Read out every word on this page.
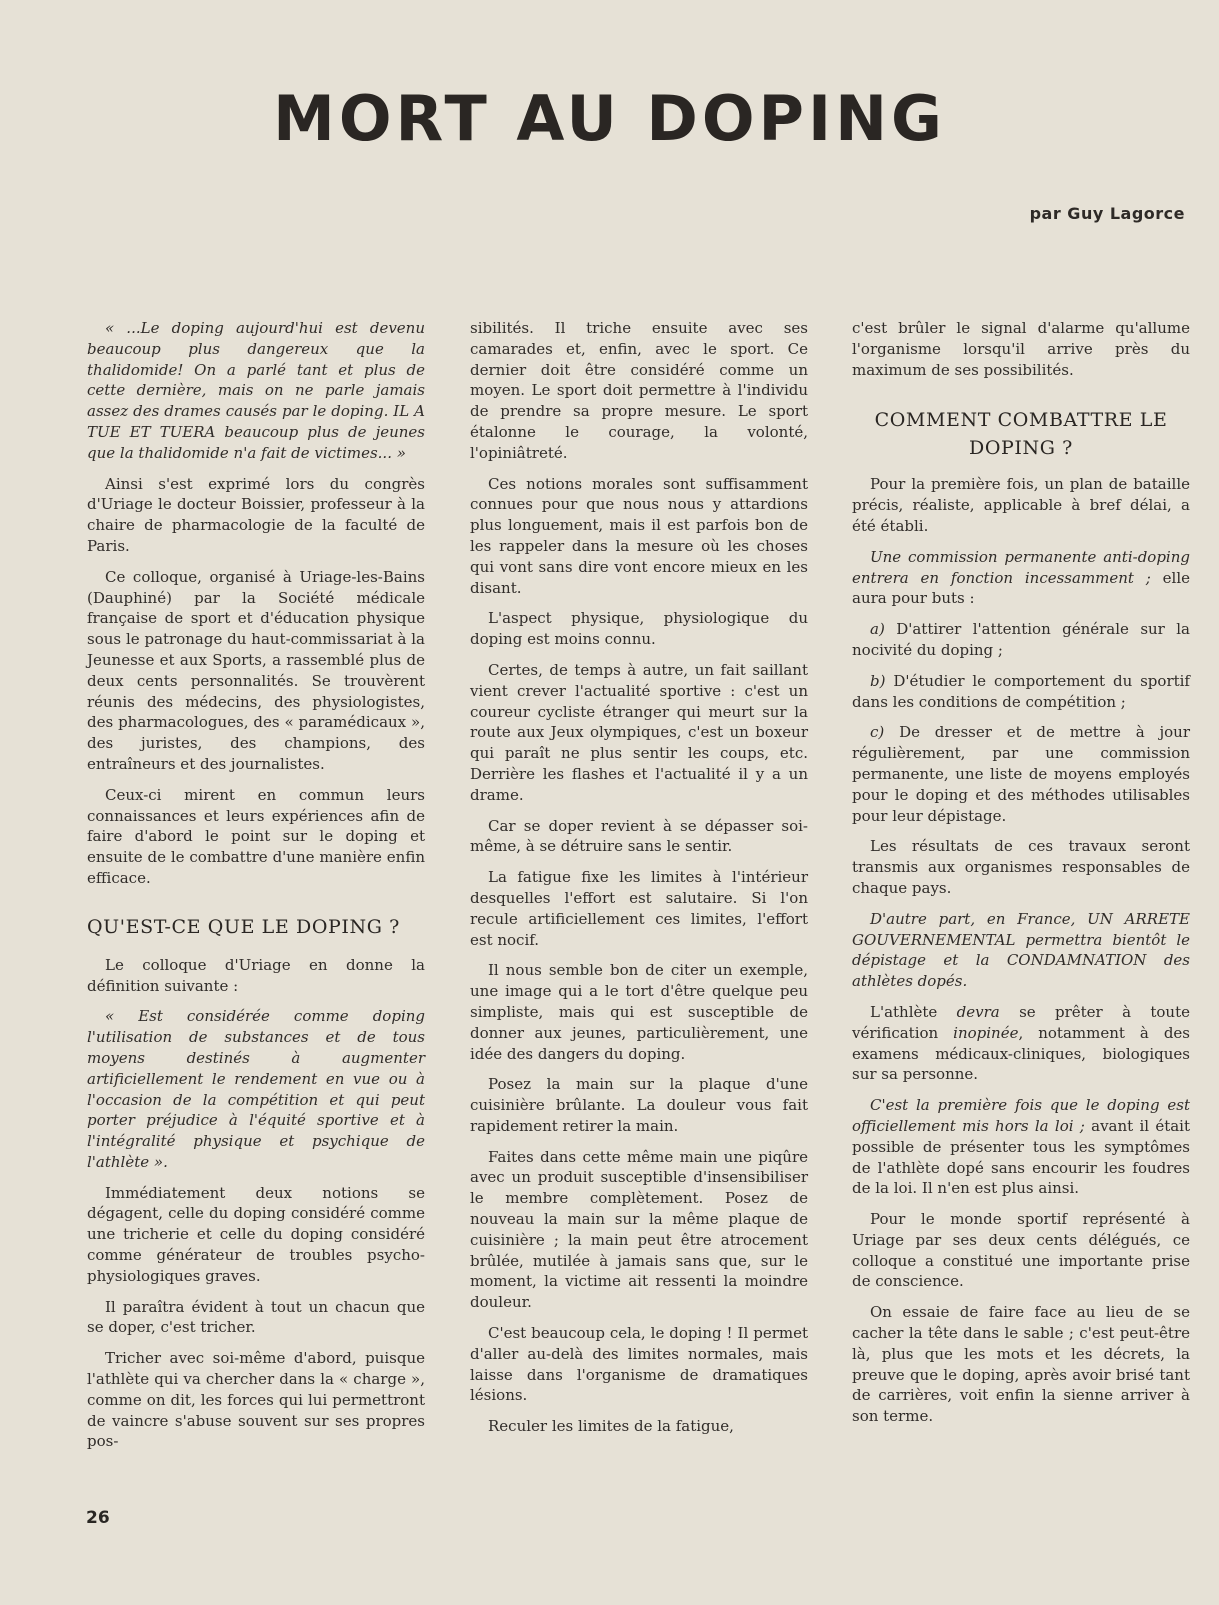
MORT AU DOPING
par Guy Lagorce

« ...Le doping aujourd'hui est devenu beaucoup plus dangereux que la thalidomide! On a parlé tant et plus de cette dernière, mais on ne parle jamais assez des drames causés par le doping. IL A TUE ET TUERA beaucoup plus de jeunes que la thalidomide n'a fait de victimes... »

Ainsi s'est exprimé lors du congrès d'Uriage le docteur Boissier, professeur à la chaire de pharmacologie de la faculté de Paris.

Ce colloque, organisé à Uriage-les-Bains (Dauphiné) par la Société médicale française de sport et d'éducation physique sous le patronage du haut-commissariat à la Jeunesse et aux Sports, a rassemblé plus de deux cents personnalités. Se trouvèrent réunis des médecins, des physiologistes, des pharmacologues, des « paramédicaux », des juristes, des champions, des entraîneurs et des journalistes.

Ceux-ci mirent en commun leurs connaissances et leurs expériences afin de faire d'abord le point sur le doping et ensuite de le combattre d'une manière enfin efficace.

QU'EST-CE QUE LE DOPING ?

Le colloque d'Uriage en donne la définition suivante :

« Est considérée comme doping l'utilisation de substances et de tous moyens destinés à augmenter artificiellement le rendement en vue ou à l'occasion de la compétition et qui peut porter préjudice à l'équité sportive et à l'intégralité physique et psychique de l'athlète ».

Immédiatement deux notions se dégagent, celle du doping considéré comme une tricherie et celle du doping considéré comme générateur de troubles psycho-physiologiques graves.

Il paraîtra évident à tout un chacun que se doper, c'est tricher.

Tricher avec soi-même d'abord, puisque l'athlète qui va chercher dans la « charge », comme on dit, les forces qui lui permettront de vaincre s'abuse souvent sur ses propres pos-

sibilités. Il triche ensuite avec ses camarades et, enfin, avec le sport. Ce dernier doit être considéré comme un moyen. Le sport doit permettre à l'individu de prendre sa propre mesure. Le sport étalonne le courage, la volonté, l'opiniâtreté.

Ces notions morales sont suffisamment connues pour que nous nous y attardions plus longuement, mais il est parfois bon de les rappeler dans la mesure où les choses qui vont sans dire vont encore mieux en les disant.

L'aspect physique, physiologique du doping est moins connu.

Certes, de temps à autre, un fait saillant vient crever l'actualité sportive : c'est un coureur cycliste étranger qui meurt sur la route aux Jeux olympiques, c'est un boxeur qui paraît ne plus sentir les coups, etc. Derrière les flashes et l'actualité il y a un drame.

Car se doper revient à se dépasser soi-même, à se détruire sans le sentir.

La fatigue fixe les limites à l'intérieur desquelles l'effort est salutaire. Si l'on recule artificiellement ces limites, l'effort est nocif.

Il nous semble bon de citer un exemple, une image qui a le tort d'être quelque peu simpliste, mais qui est susceptible de donner aux jeunes, particulièrement, une idée des dangers du doping.

Posez la main sur la plaque d'une cuisinière brûlante. La douleur vous fait rapidement retirer la main.

Faites dans cette même main une piqûre avec un produit susceptible d'insensibiliser le membre complètement. Posez de nouveau la main sur la même plaque de cuisinière ; la main peut être atrocement brûlée, mutilée à jamais sans que, sur le moment, la victime ait ressenti la moindre douleur.

C'est beaucoup cela, le doping ! Il permet d'aller au-delà des limites normales, mais laisse dans l'organisme de dramatiques lésions.

Reculer les limites de la fatigue,

c'est brûler le signal d'alarme qu'allume l'organisme lorsqu'il arrive près du maximum de ses possibilités.

COMMENT COMBATTRE LE DOPING ?

Pour la première fois, un plan de bataille précis, réaliste, applicable à bref délai, a été établi.

Une commission permanente anti-doping entrera en fonction incessamment ; elle aura pour buts :

a) D'attirer l'attention générale sur la nocivité du doping ;

b) D'étudier le comportement du sportif dans les conditions de compétition ;

c) De dresser et de mettre à jour régulièrement, par une commission permanente, une liste de moyens employés pour le doping et des méthodes utilisables pour leur dépistage.

Les résultats de ces travaux seront transmis aux organismes responsables de chaque pays.

D'autre part, en France, UN ARRETE GOUVERNEMENTAL permettra bientôt le dépistage et la CONDAMNATION des athlètes dopés.

L'athlète devra se prêter à toute vérification inopinée, notamment à des examens médicaux-cliniques, biologiques sur sa personne.

C'est la première fois que le doping est officiellement mis hors la loi ; avant il était possible de présenter tous les symptômes de l'athlète dopé sans encourir les foudres de la loi. Il n'en est plus ainsi.

Pour le monde sportif représenté à Uriage par ses deux cents délégués, ce colloque a constitué une importante prise de conscience.

On essaie de faire face au lieu de se cacher la tête dans le sable ; c'est peut-être là, plus que les mots et les décrets, la preuve que le doping, après avoir brisé tant de carrières, voit enfin la sienne arriver à son terme.

26
